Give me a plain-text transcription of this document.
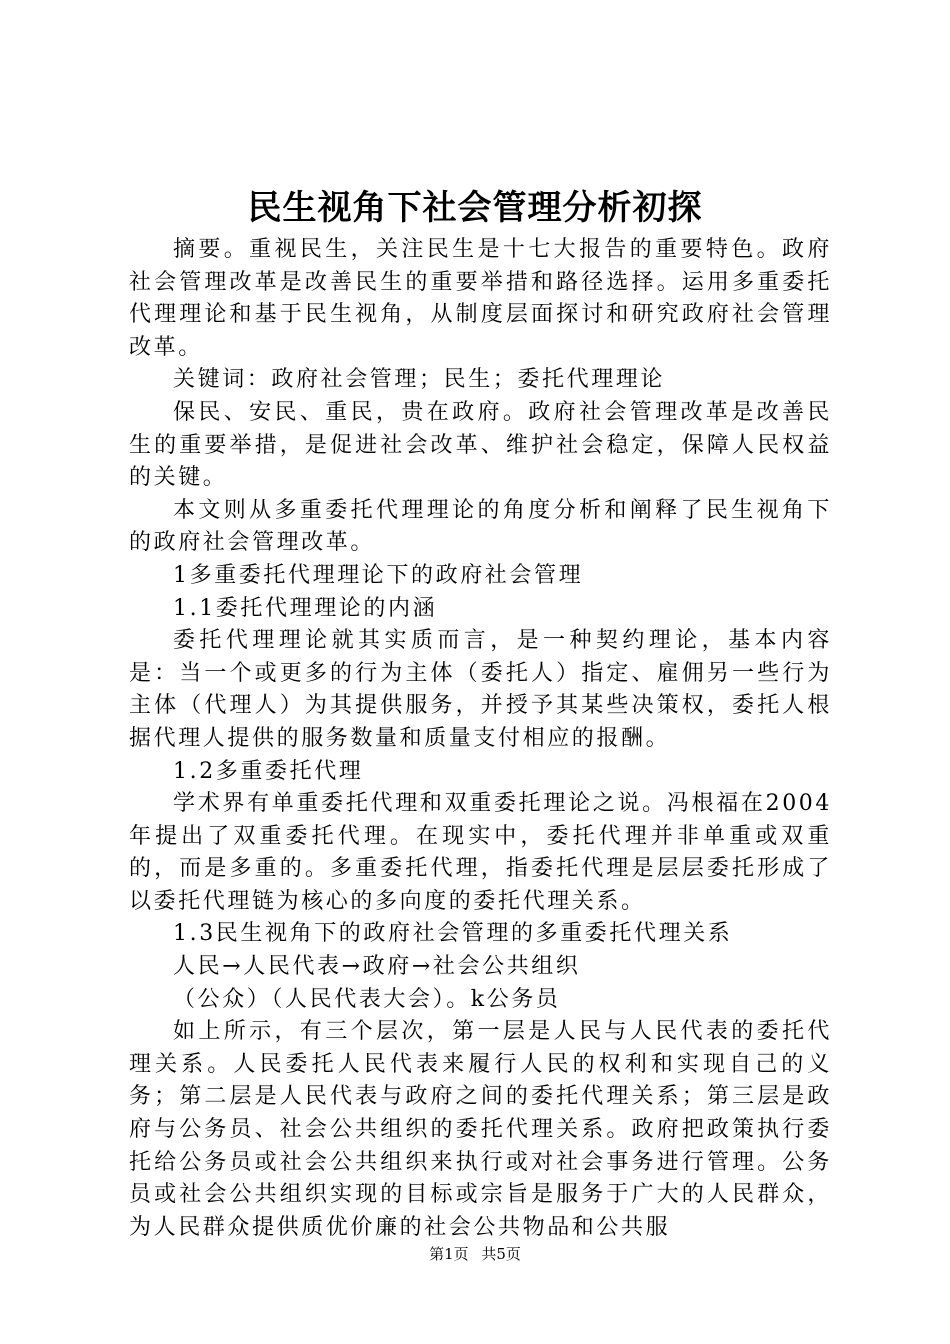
民生视角下社会管理分析初探

摘要。重视民生，关注民生是十七大报告的重要特色。政府社会管理改革是改善民生的重要举措和路径选择。运用多重委托代理理论和基于民生视角，从制度层面探讨和研究政府社会管理改革。

关键词：政府社会管理；民生；委托代理理论

保民、安民、重民，贵在政府。政府社会管理改革是改善民生的重要举措，是促进社会改革、维护社会稳定，保障人民权益的关键。

本文则从多重委托代理理论的角度分析和阐释了民生视角下的政府社会管理改革。

1多重委托代理理论下的政府社会管理

1.1委托代理理论的内涵

委托代理理论就其实质而言，是一种契约理论，基本内容是：当一个或更多的行为主体（委托人）指定、雇佣另一些行为主体（代理人）为其提供服务，并授予其某些决策权，委托人根据代理人提供的服务数量和质量支付相应的报酬。

1.2多重委托代理

学术界有单重委托代理和双重委托理论之说。冯根福在2004年提出了双重委托代理。在现实中，委托代理并非单重或双重的，而是多重的。多重委托代理，指委托代理是层层委托形成了以委托代理链为核心的多向度的委托代理关系。

1.3民生视角下的政府社会管理的多重委托代理关系

人民→人民代表→政府→社会公共组织

（公众）（人民代表大会）。k公务员

如上所示，有三个层次，第一层是人民与人民代表的委托代理关系。人民委托人民代表来履行人民的权利和实现自己的义务；第二层是人民代表与政府之间的委托代理关系；第三层是政府与公务员、社会公共组织的委托代理关系。政府把政策执行委托给公务员或社会公共组织来执行或对社会事务进行管理。公务员或社会公共组织实现的目标或宗旨是服务于广大的人民群众，为人民群众提供质优价廉的社会公共物品和公共服

第1页 共5页
